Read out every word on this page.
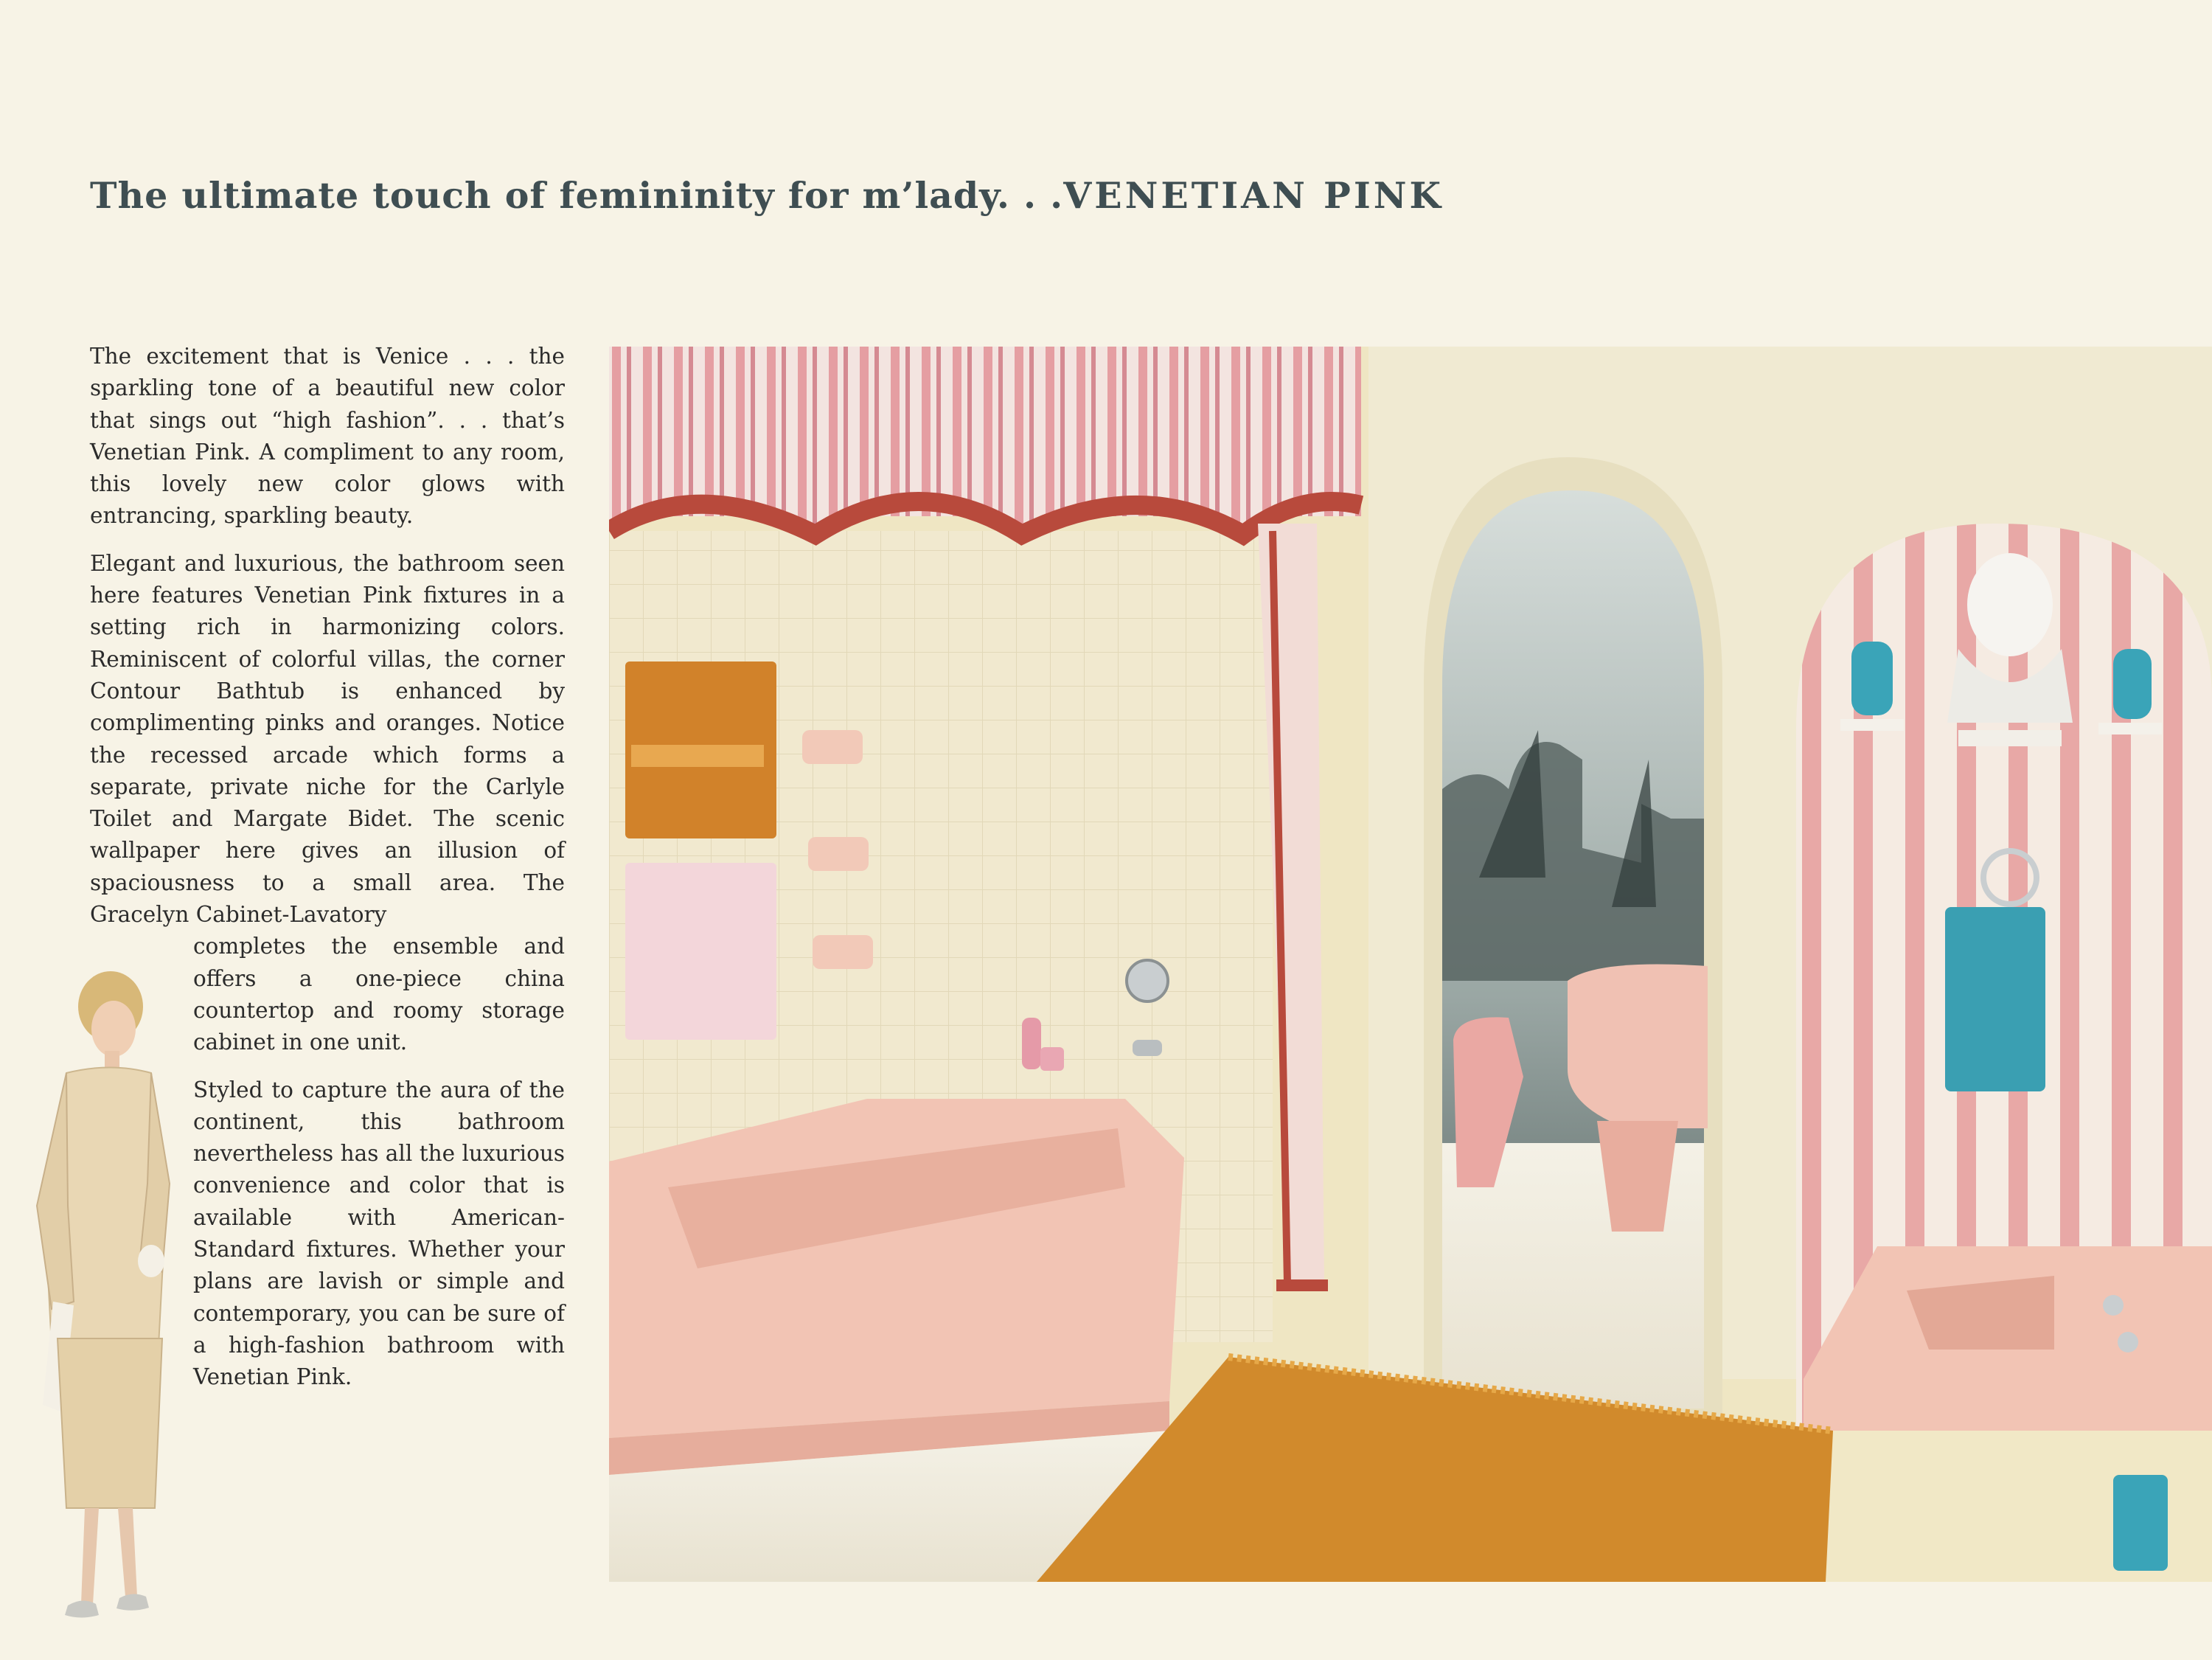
The ultimate touch of femininity for m’lady. . .VENETIAN PINK

The excitement that is Venice . . . the sparkling tone of a beautiful new color that sings out “high fashion”. . . that’s Venetian Pink. A compliment to any room, this lovely new color glows with entrancing, sparkling beauty.

Elegant and luxurious, the bathroom seen here features Venetian Pink fixtures in a setting rich in harmonizing colors. Reminiscent of colorful villas, the corner Contour Bathtub is enhanced by complimenting pinks and oranges. Notice the recessed arcade which forms a separate, private niche for the Carlyle Toilet and Margate Bidet. The scenic wallpaper here gives an illusion of spaciousness to a small area. The Gracelyn Cabinet-Lavatory

completes the ensemble and offers a one-piece china countertop and roomy storage cabinet in one unit.

Styled to capture the aura of the continent, this bathroom nevertheless has all the luxurious convenience and color that is available with American-Standard fixtures. Whether your plans are lavish or simple and contemporary, you can be sure of a high-fashion bathroom with Venetian Pink.
